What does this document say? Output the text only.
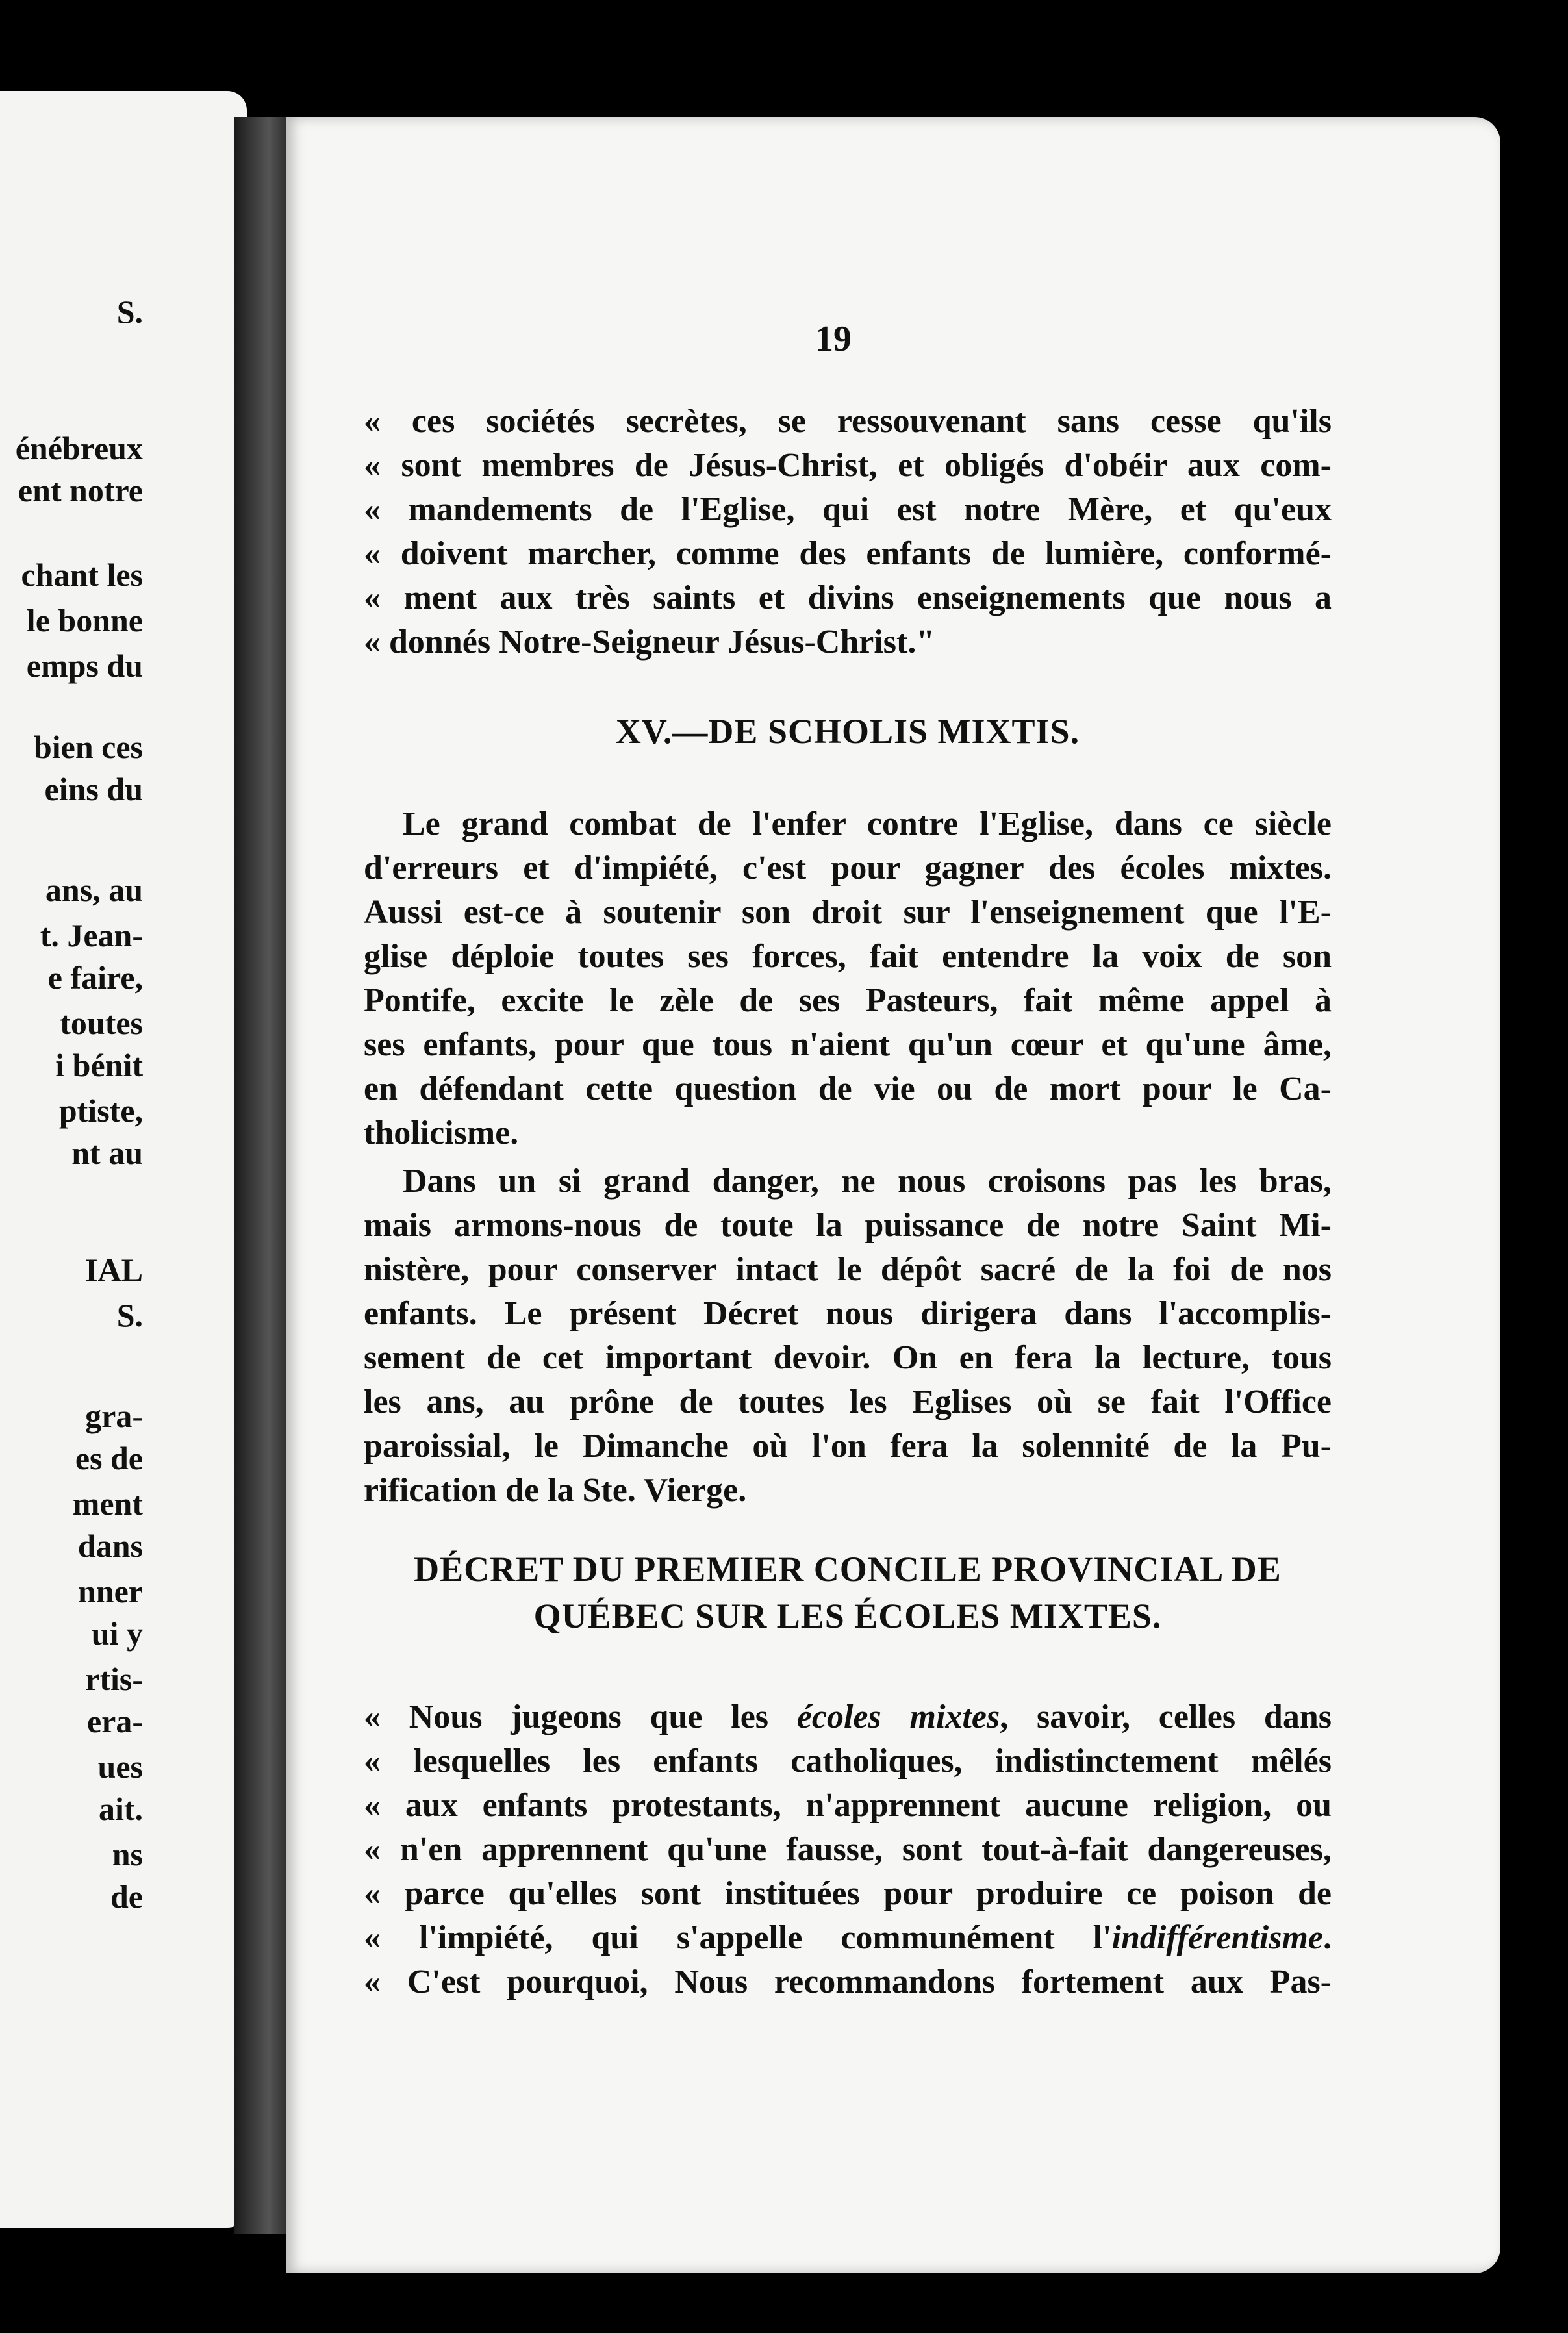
S.
énébreux
ent notre
chant les
le bonne
emps du
bien ces
eins du
ans, au
t. Jean-
e faire,
toutes
i bénit
ptiste,
nt au
IAL
S.
gra-
es de
ment
dans
nner
ui y
rtis-
era-
ues
ait.
ns
de
19
« ces sociétés secrètes, se ressouvenant sans cesse qu'ils
« sont membres de Jésus-Christ, et obligés d'obéir aux com-
« mandements de l'Eglise, qui est notre Mère, et qu'eux
« doivent marcher, comme des enfants de lumière, conformé-
« ment aux très saints et divins enseignements que nous a
« donnés Notre-Seigneur Jésus-Christ."
XV.—DE SCHOLIS MIXTIS.
Le grand combat de l'enfer contre l'Eglise, dans ce siècle
d'erreurs et d'impiété, c'est pour gagner des écoles mixtes.
Aussi est-ce à soutenir son droit sur l'enseignement que l'E-
glise déploie toutes ses forces, fait entendre la voix de son
Pontife, excite le zèle de ses Pasteurs, fait même appel à
ses enfants, pour que tous n'aient qu'un cœur et qu'une âme,
en défendant cette question de vie ou de mort pour le Ca-
tholicisme.
Dans un si grand danger, ne nous croisons pas les bras,
mais armons-nous de toute la puissance de notre Saint Mi-
nistère, pour conserver intact le dépôt sacré de la foi de nos
enfants. Le présent Décret nous dirigera dans l'accomplis-
sement de cet important devoir. On en fera la lecture, tous
les ans, au prône de toutes les Eglises où se fait l'Office
paroissial, le Dimanche où l'on fera la solennité de la Pu-
rification de la Ste. Vierge.
DÉCRET DU PREMIER CONCILE PROVINCIAL DE
QUÉBEC SUR LES ÉCOLES MIXTES.
« Nous jugeons que les écoles mixtes, savoir, celles dans
« lesquelles les enfants catholiques, indistinctement mêlés
« aux enfants protestants, n'apprennent aucune religion, ou
« n'en apprennent qu'une fausse, sont tout-à-fait dangereuses,
« parce qu'elles sont instituées pour produire ce poison de
« l'impiété, qui s'appelle communément l'indifférentisme.
« C'est pourquoi, Nous recommandons fortement aux Pas-
